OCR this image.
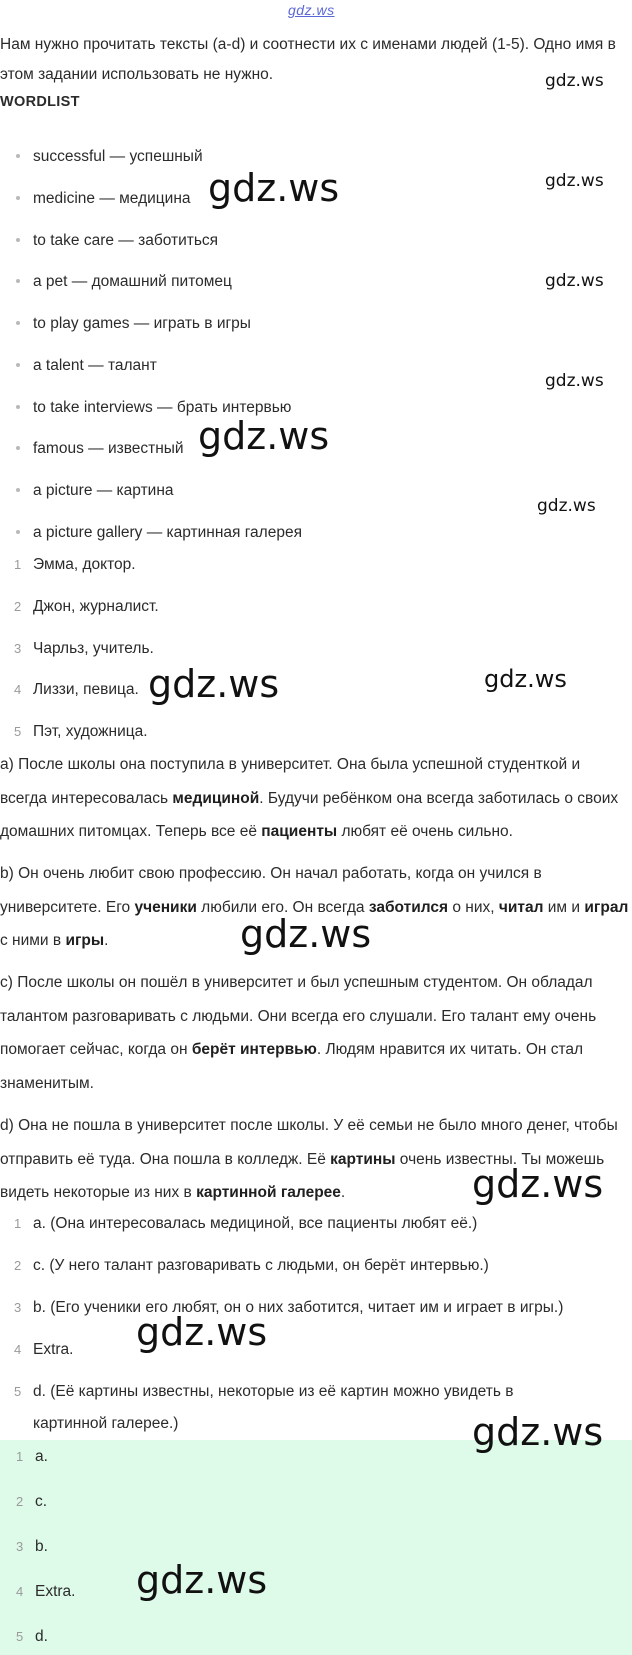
gdz.ws
Нам нужно прочитать тексты (a-d) и соотнести их с именами людей (1-5). Одно имя в этом задании использовать не нужно.
WORDLIST
successful — успешный
medicine — медицина
to take care — заботиться
a pet — домашний питомец
to play games — играть в игры
a talent — талант
to take interviews — брать интервью
famous — известный
a picture — картина
a picture gallery — картинная галерея
1 Эмма, доктор.
2 Джон, журналист.
3 Чарльз, учитель.
4 Лиззи, певица.
5 Пэт, художница.
a) После школы она поступила в университет. Она была успешной студенткой и всегда интересовалась медициной. Будучи ребёнком она всегда заботилась о своих домашних питомцах. Теперь все её пациенты любят её очень сильно.
b) Он очень любит свою профессию. Он начал работать, когда он учился в университете. Его ученики любили его. Он всегда заботился о них, читал им и играл с ними в игры.
c) После школы он пошёл в университет и был успешным студентом. Он обладал талантом разговаривать с людьми. Они всегда его слушали. Его талант ему очень помогает сейчас, когда он берёт интервью. Людям нравится их читать. Он стал знаменитым.
d) Она не пошла в университет после школы. У её семьи не было много денег, чтобы отправить её туда. Она пошла в колледж. Её картины очень известны. Ты можешь видеть некоторые из них в картинной галерее.
1 a. (Она интересовалась медициной, все пациенты любят её.)
2 c. (У него талант разговаривать с людьми, он берёт интервью.)
3 b. (Его ученики его любят, он о них заботится, читает им и играет в игры.)
4 Extra.
5 d. (Её картины известны, некоторые из её картин можно увидеть в
картинной галерее.)
1 a.
2 c.
3 b.
4 Extra.
5 d.
gdz.ws
gdz.ws
gdz.ws
gdz.ws
gdz.ws
gdz.ws
gdz.ws
gdz.ws	gdz.ws
gdz.ws
gdz.ws
gdz.ws
gdz.ws
gdz.ws
